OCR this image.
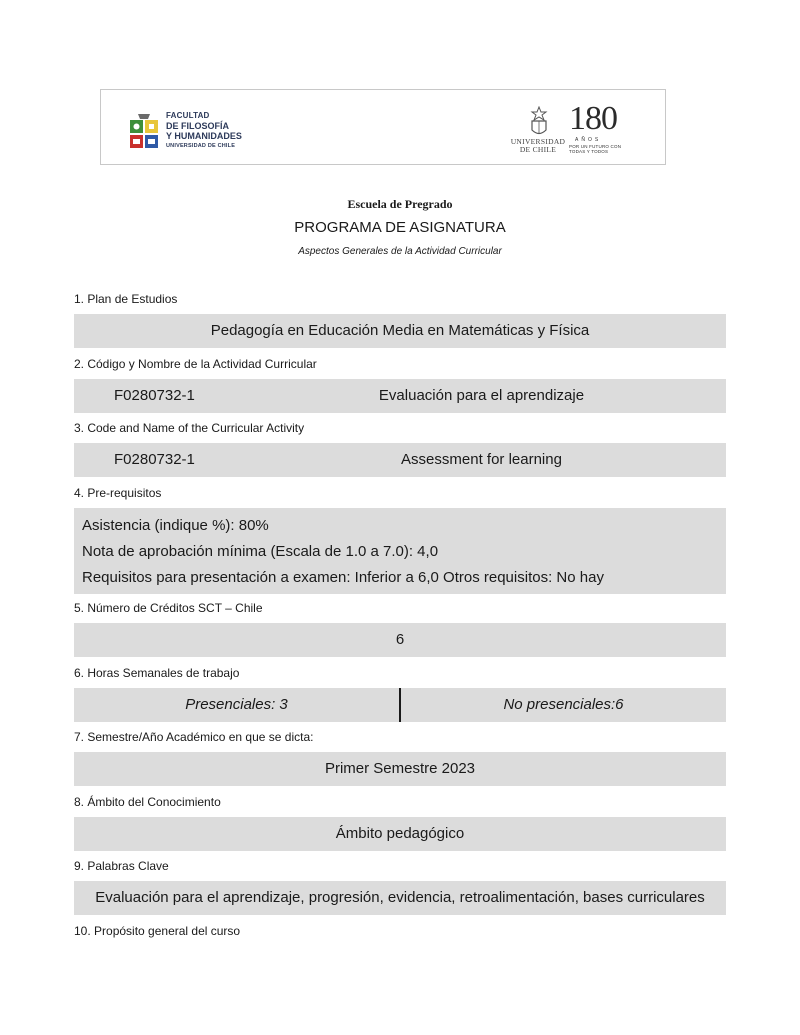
FACULTAD
DE FILOSOFÍA
Y HUMANIDADES
UNIVERSIDAD DE CHILE	UNIVERSIDAD
DE CHILE
180
AÑOS
POR UN FUTURO CON
TODAS Y TODOS
Escuela de Pregrado
PROGRAMA DE ASIGNATURA
Aspectos Generales de la Actividad Curricular
1. Plan de Estudios
Pedagogía en Educación Media en Matemáticas y Física
2. Código y Nombre de la Actividad Curricular
F0280732-1	Evaluación para el aprendizaje
3. Code and Name of the Curricular Activity
F0280732-1	Assessment for learning
4. Pre-requisitos
Asistencia (indique %): 80%
Nota de aprobación mínima (Escala de 1.0 a 7.0): 4,0
Requisitos para presentación a examen: Inferior a 6,0 Otros requisitos: No hay
5. Número de Créditos SCT – Chile
6
6. Horas Semanales de trabajo
Presenciales: 3	No presenciales:6
7. Semestre/Año Académico en que se dicta:
Primer Semestre 2023
8. Ámbito del Conocimiento
Ámbito pedagógico
9. Palabras Clave
Evaluación para el aprendizaje, progresión, evidencia, retroalimentación, bases curriculares
10. Propósito general del curso
